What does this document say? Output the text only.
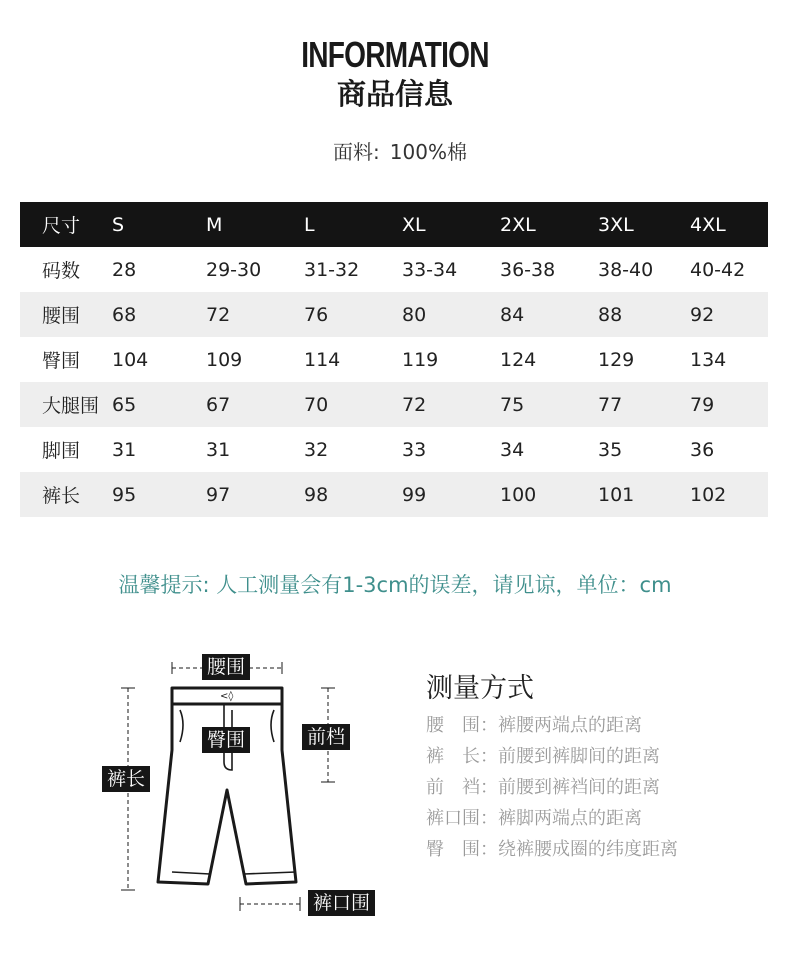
INFORMATION
商品信息
面料: 100%棉
尺寸	S	M	L	XL	2XL	3XL	4XL
码数	28	29-30	31-32	33-34	36-38	38-40	40-42
腰围	68	72	76	80	84	88	92
臀围	104	109	114	119	124	129	134
大腿围	65	67	70	72	75	77	79
脚围	31	31	32	33	34	35	36
裤长	95	97	98	99	100	101	102
温馨提示: 人工测量会有1-3cm的误差，请见谅，单位：cm
<◊
腰围
臀围
裤长
前档
裤口围
测量方式
腰　围：裤腰两端点的距离
裤　长：前腰到裤脚间的距离
前　裆：前腰到裤裆间的距离
裤口围：裤脚两端点的距离
臀　围：绕裤腰成圈的纬度距离
